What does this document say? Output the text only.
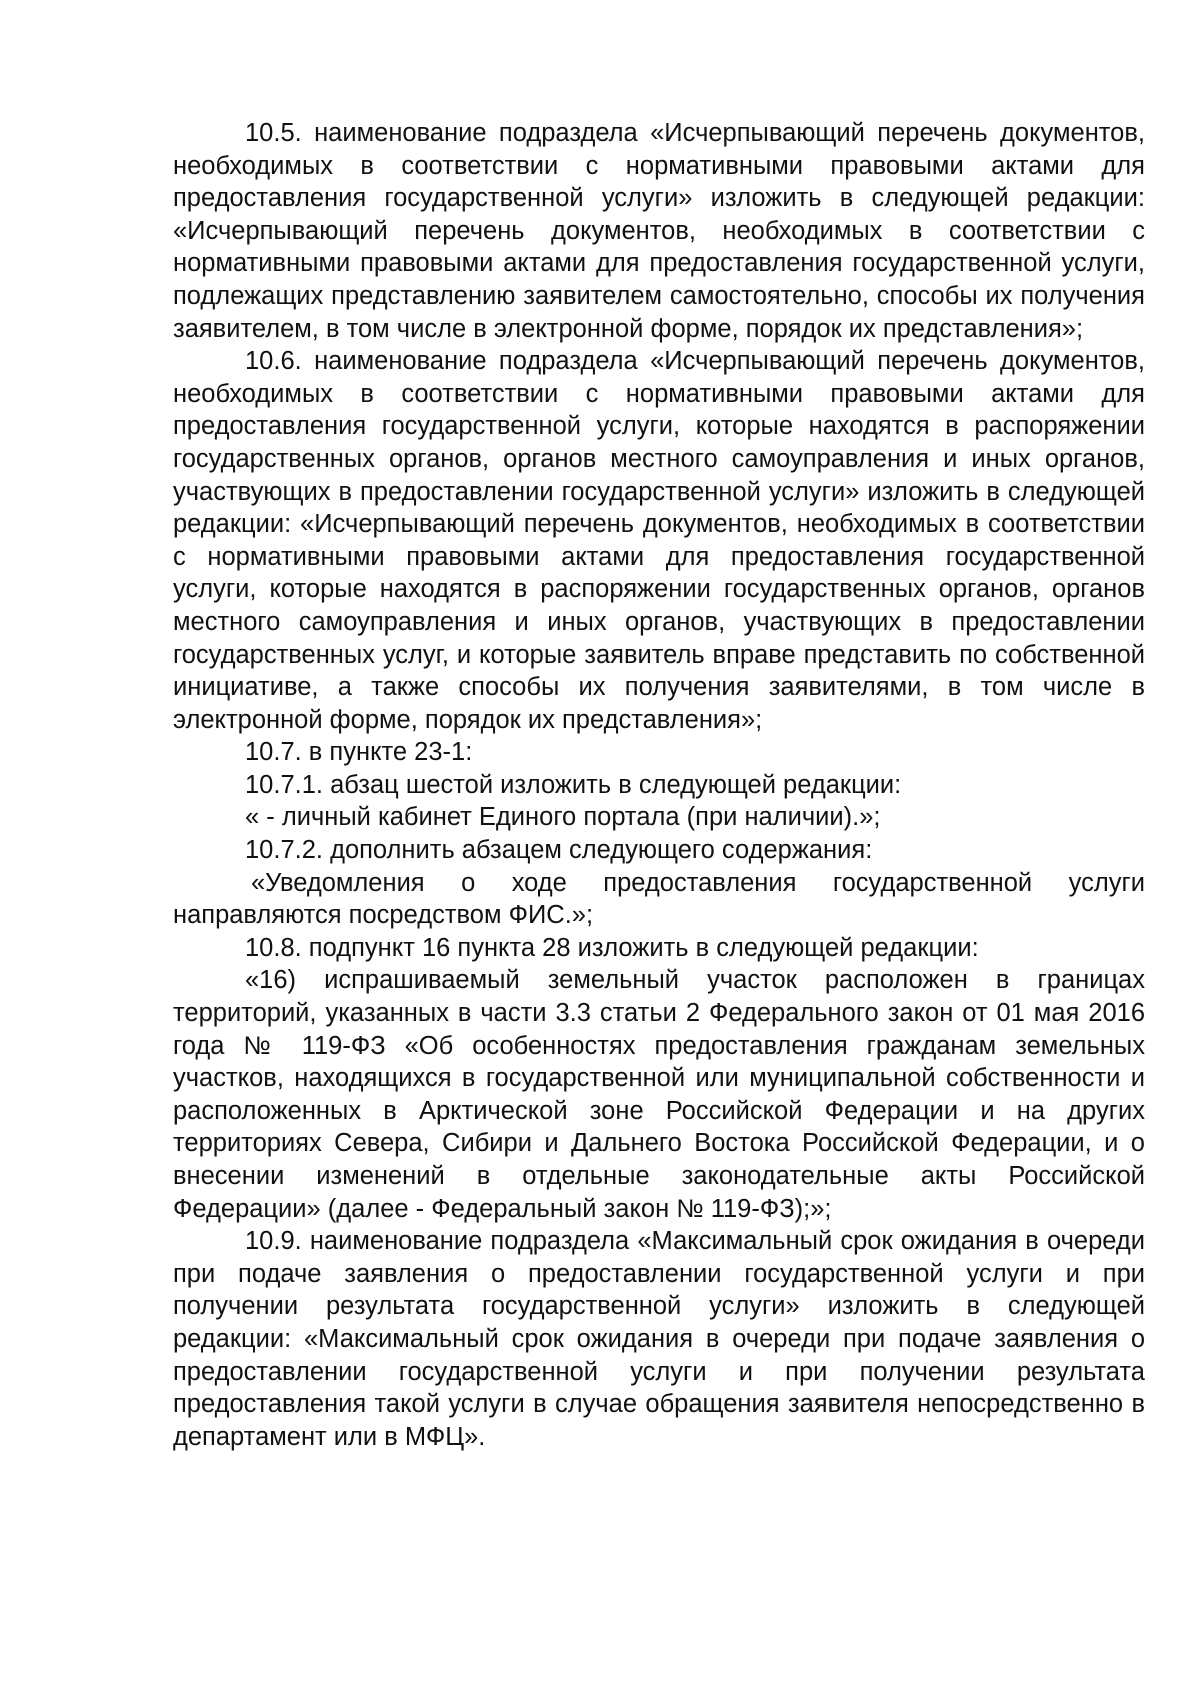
10.5. наименование подраздела «Исчерпывающий перечень документов, необходимых в соответствии с нормативными правовыми актами для предоставления государственной услуги» изложить в следующей редакции: «Исчерпывающий перечень документов, необходимых в соответствии с нормативными правовыми актами для предоставления государственной услуги, подлежащих представлению заявителем самостоятельно, способы их получения заявителем, в том числе в электронной форме, порядок их представления»;

10.6. наименование подраздела «Исчерпывающий перечень документов, необходимых в соответствии с нормативными правовыми актами для предоставления государственной услуги, которые находятся в распоряжении государственных органов, органов местного самоуправления и иных органов, участвующих в предоставлении государственной услуги» изложить в следующей редакции: «Исчерпывающий перечень документов, необходимых в соответствии с нормативными правовыми актами для предоставления государственной услуги, которые находятся в распоряжении государственных органов, органов местного самоуправления и иных органов, участвующих в предоставлении государственных услуг, и которые заявитель вправе представить по собственной инициативе, а также способы их получения заявителями, в том числе в электронной форме, порядок их представления»;

10.7. в пункте 23-1:

10.7.1. абзац шестой изложить в следующей редакции:

« - личный кабинет Единого портала (при наличии).»;

10.7.2. дополнить абзацем следующего содержания:

«Уведомления о ходе предоставления государственной услуги направляются посредством ФИС.»;

10.8. подпункт 16 пункта 28 изложить в следующей редакции:

«16) испрашиваемый земельный участок расположен в границах территорий, указанных в части 3.3 статьи 2 Федерального закон от 01 мая 2016 года № 119-ФЗ «Об особенностях предоставления гражданам земельных участков, находящихся в государственной или муниципальной собственности и расположенных в Арктической зоне Российской Федерации и на других территориях Севера, Сибири и Дальнего Востока Российской Федерации, и о внесении изменений в отдельные законодательные акты Российской Федерации» (далее - Федеральный закон № 119-ФЗ);»;

10.9. наименование подраздела «Максимальный срок ожидания в очереди при подаче заявления о предоставлении государственной услуги и при получении результата государственной услуги» изложить в следующей редакции: «Максимальный срок ожидания в очереди при подаче заявления о предоставлении государственной услуги и при получении результата предоставления такой услуги в случае обращения заявителя непосредственно в департамент или в МФЦ».
